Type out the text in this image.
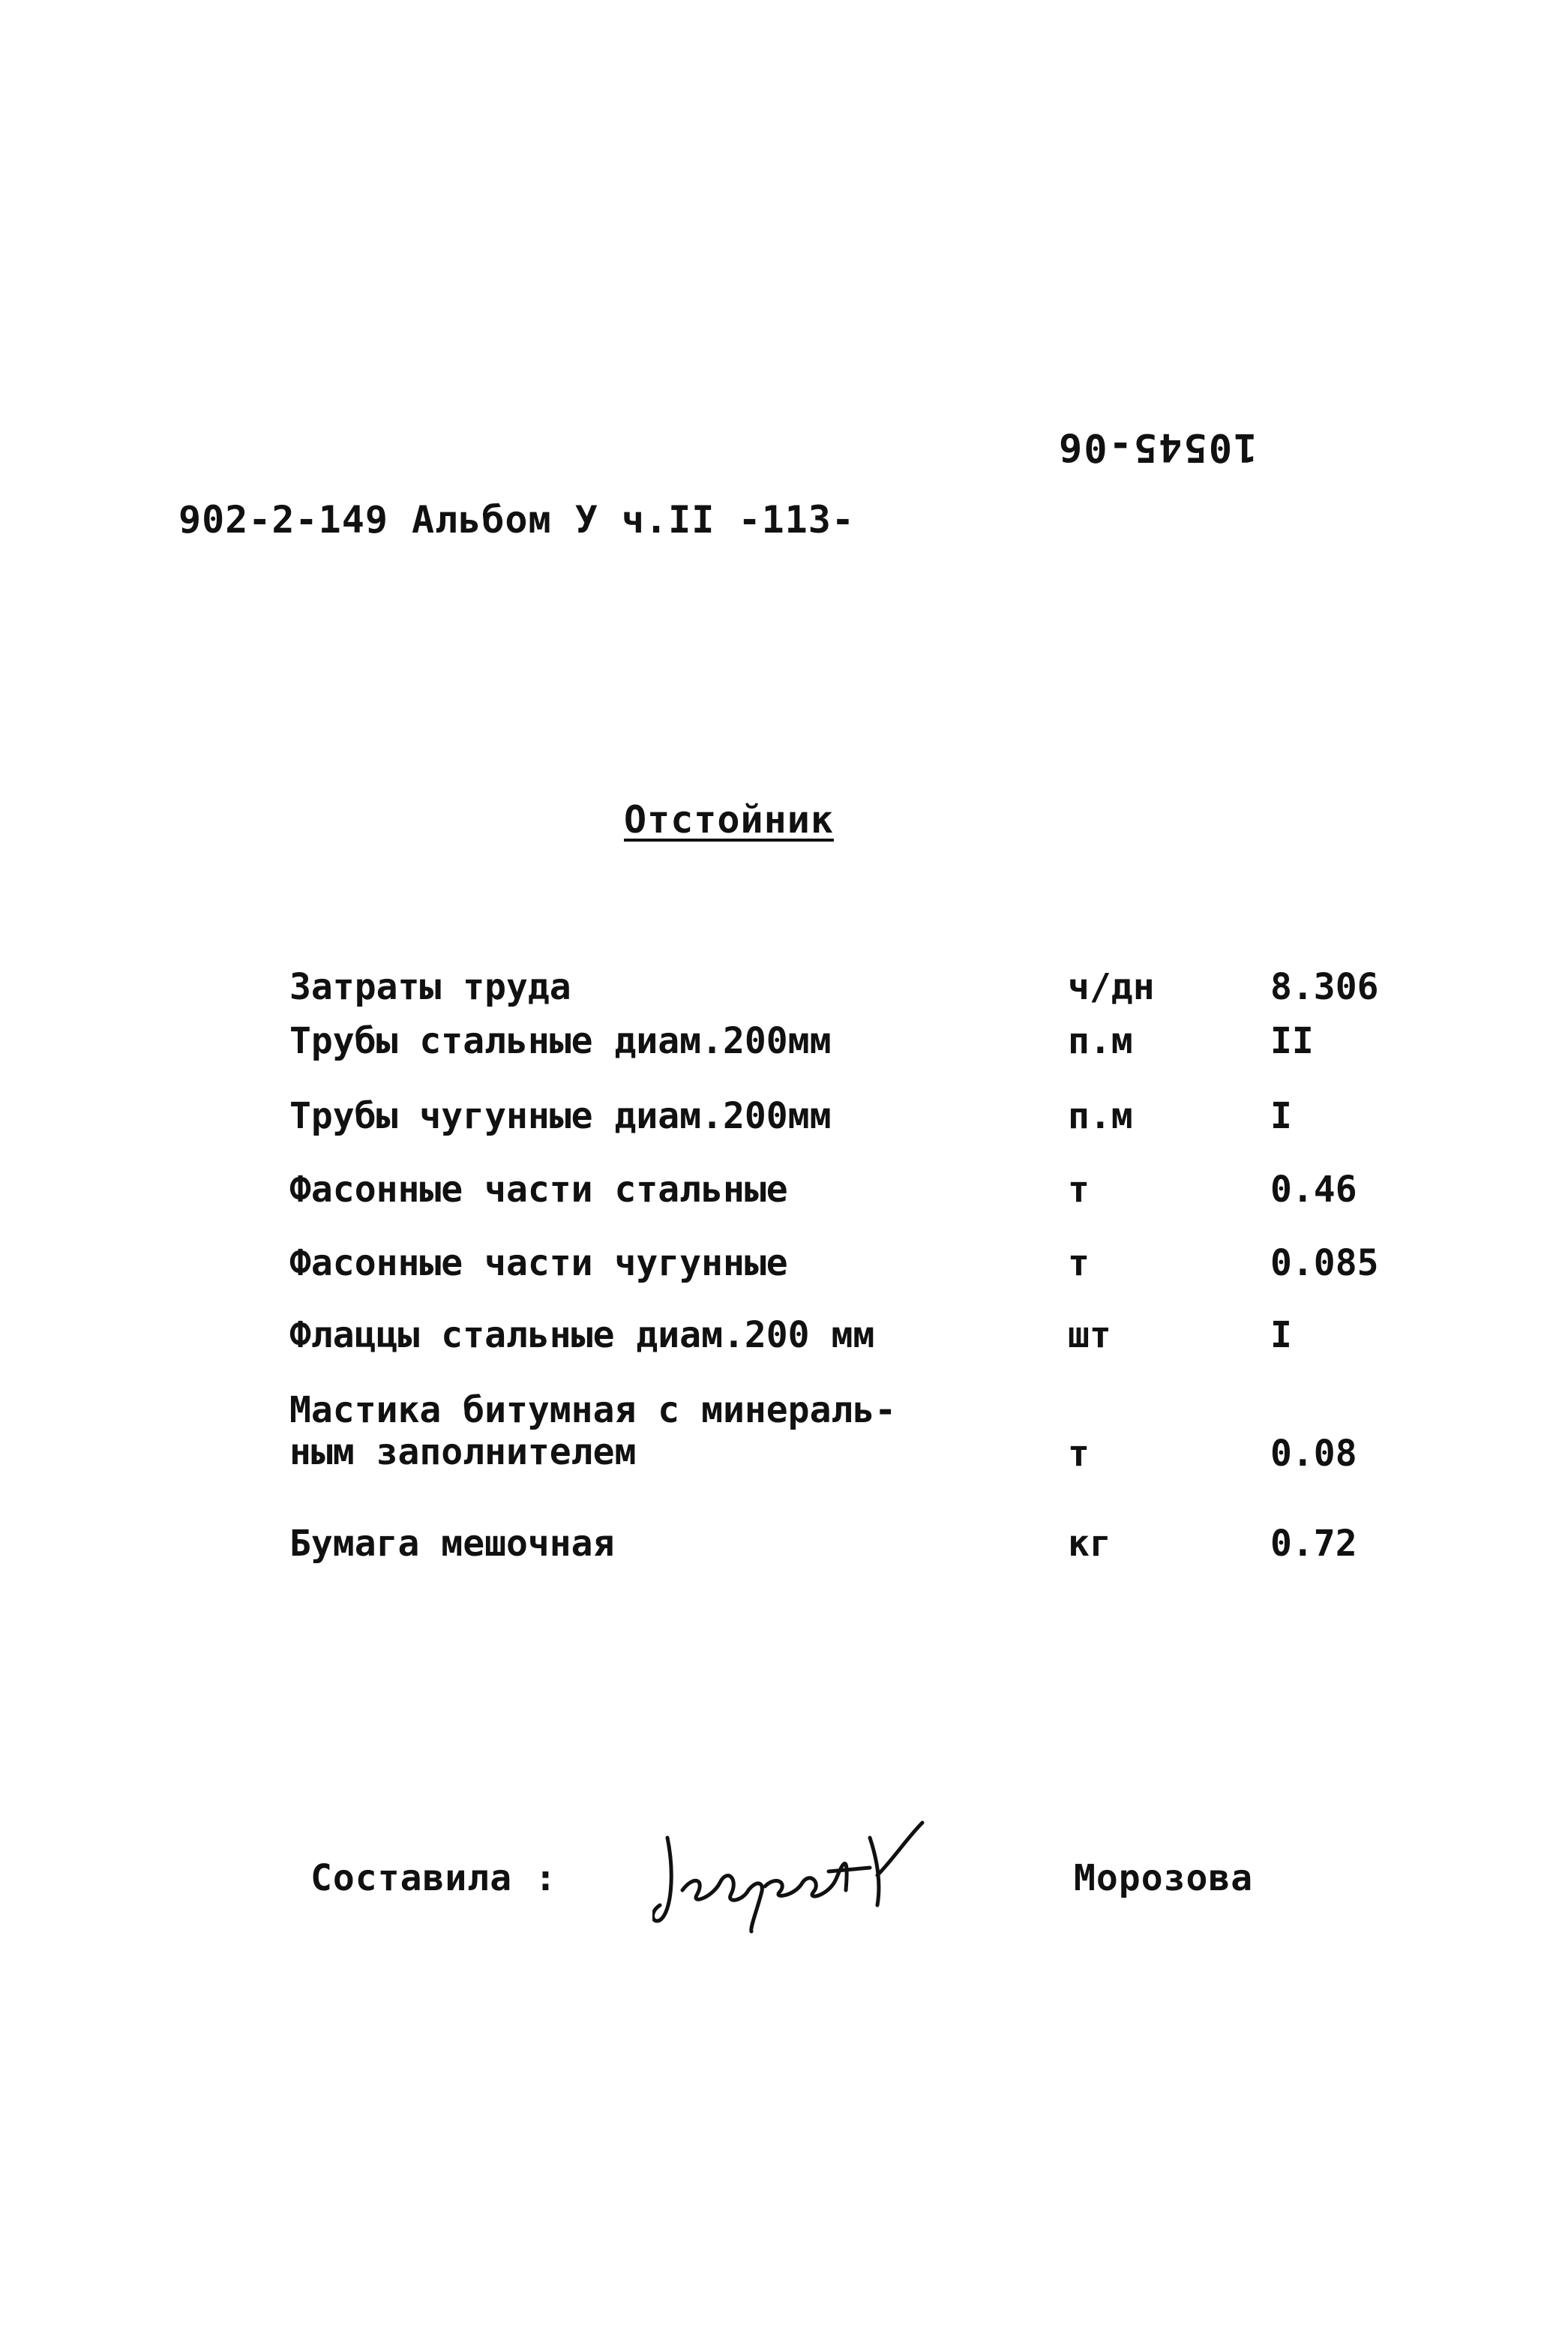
10545-06
902-2-149 Альбом У ч.II -113-
Отстойник
Затраты труда	ч/дн	8.306
Трубы стальные диам.200мм	п.м	II
Трубы чугунные диам.200мм	п.м	I
Фасонные части стальные	т	0.46
Фасонные части чугунные	т	0.085
Флаццы стальные диам.200 мм	шт	I
Мастика битумная с минераль-
ным заполнителем	т	0.08
Бумага мешочная	кг	0.72
Составила :	Морозова
